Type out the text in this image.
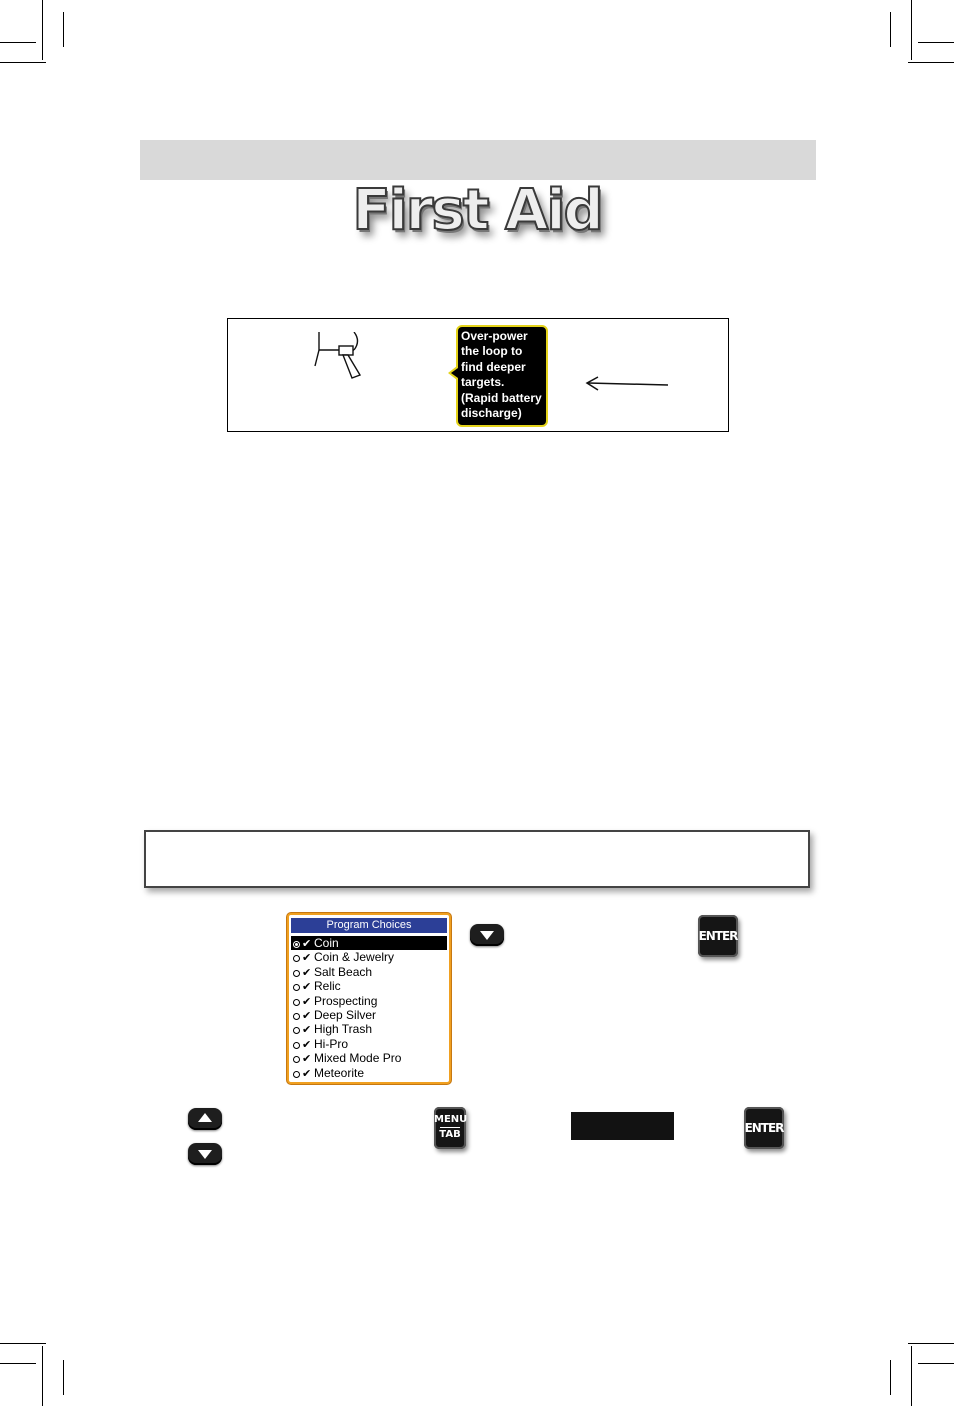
First Aid
Over-power
the loop to
find deeper
targets.
(Rapid battery
discharge)
Program Choices
✔ Coin
✔ Coin & Jewelry
✔ Salt Beach
✔ Relic
✔ Prospecting
✔ Deep Silver
✔ High Trash
✔ Hi-Pro
✔ Mixed Mode Pro
✔ Meteorite
ENTER
MENU
TAB	ENTER
